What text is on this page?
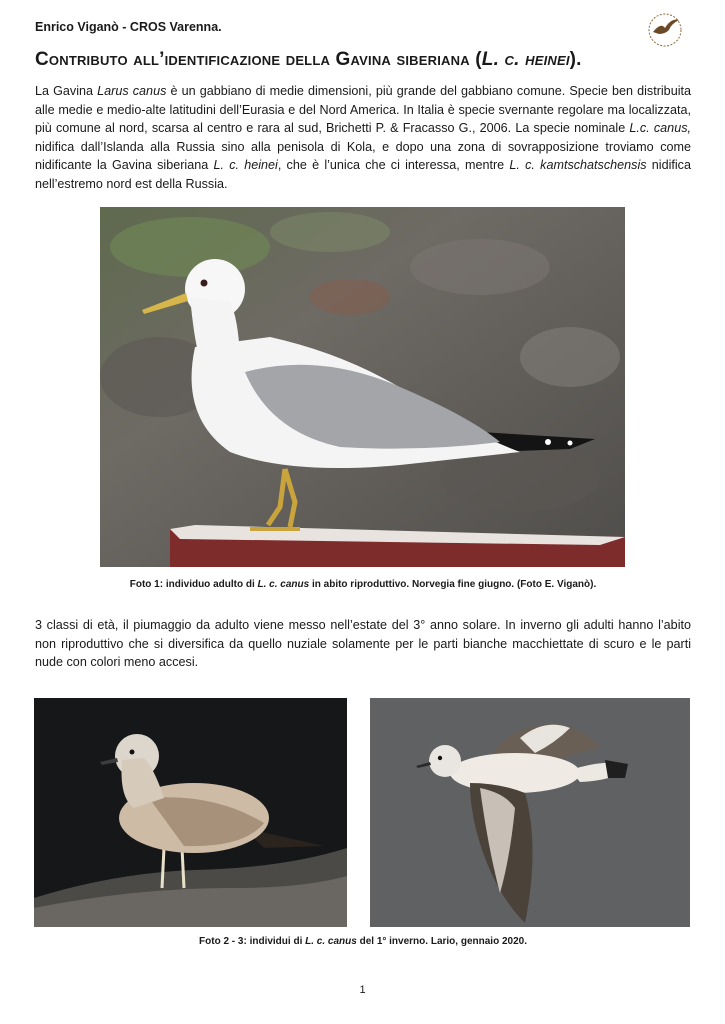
Enrico Viganò - CROS Varenna.
Contributo all’identificazione della Gavina siberiana (L. c. heinei).
La Gavina Larus canus è un gabbiano di medie dimensioni, più grande del gabbiano comune. Specie ben distribuita alle medie e medio-alte latitudini dell’Eurasia e del Nord America. In Italia è specie svernante regolare ma localizzata, più comune al nord, scarsa al centro e rara al sud, Brichetti P. & Fracasso G., 2006. La specie nominale L.c. canus, nidifica dall’Islanda alla Russia sino alla penisola di Kola, e dopo una zona di sovrapposizione troviamo come nidificante la Gavina siberiana L. c. heinei, che è l’unica che ci interessa, mentre L. c. kamtschatschensis nidifica nell’estremo nord est della Russia.
Foto 1: individuo adulto di L. c. canus in abito riproduttivo. Norvegia fine giugno. (Foto E. Viganò).
3 classi di età, il piumaggio da adulto viene messo nell’estate del 3° anno solare. In inverno gli adulti hanno l’abito non riproduttivo che si diversifica da quello nuziale solamente per le parti bianche macchiettate di scuro e le parti nude con colori meno accesi.
Foto 2 - 3: individui di L. c. canus del 1° inverno. Lario, gennaio 2020.
1
